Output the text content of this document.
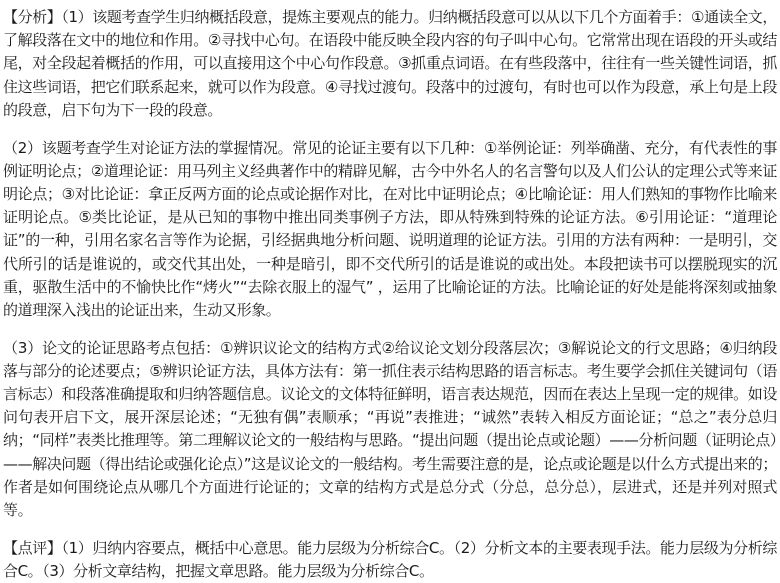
【分析】（1）该题考查学生归纳概括段意，提炼主要观点的能力。归纳概括段意可以从以下几个方面着手：①通读全文，了解段落在文中的地位和作用。②寻找中心句。在语段中能反映全段内容的句子叫中心句。它常常出现在语段的开头或结尾，对全段起着概括的作用，可以直接用这个中心句作段意。③抓重点词语。在有些段落中，往往有一些关键性词语，抓住这些词语，把它们联系起来，就可以作为段意。④寻找过渡句。段落中的过渡句，有时也可以作为段意，承上句是上段的段意，启下句为下一段的段意。

（2）该题考查学生对论证方法的掌握情况。常见的论证主要有以下几种：①举例论证：列举确凿、充分，有代表性的事例证明论点；②道理论证：用马列主义经典著作中的精辟见解，古今中外名人的名言警句以及人们公认的定理公式等来证明论点；③对比论证：拿正反两方面的论点或论据作对比，在对比中证明论点；④比喻论证：用人们熟知的事物作比喻来证明论点。⑤类比论证，是从已知的事物中推出同类事例子方法，即从特殊到特殊的论证方法。⑥引用论证：“道理论证”的一种，引用名家名言等作为论据，引经据典地分析问题、说明道理的论证方法。引用的方法有两种：一是明引，交代所引的话是谁说的，或交代其出处，一种是暗引，即不交代所引的话是谁说的或出处。本段把读书可以摆脱现实的沉重，驱散生活中的不愉快比作“烤火”“去除衣服上的湿气” ，运用了比喻论证的方法。比喻论证的好处是能将深刻或抽象的道理深入浅出的论证出来，生动又形象。

（3）论文的论证思路考点包括：①辨识议论文的结构方式②给议论文划分段落层次；③解说论文的行文思路；④归纳段落与部分的论述要点；⑤辨识论证方法，具体方法有：第一抓住表示结构思路的语言标志。考生要学会抓住关键词句（语言标志）和段落准确提取和归纳答题信息。议论文的文体特征鲜明，语言表达规范，因而在表达上呈现一定的规律。如设问句表开启下文，展开深层论述；“无独有偶”表顺承；“再说”表推进；“诚然”表转入相反方面论证；“总之”表分总归纳；“同样”表类比推理等。第二理解议论文的一般结构与思路。“提出问题（提出论点或论题）——分析问题（证明论点）——解决问题（得出结论或强化论点）”这是议论文的一般结构。考生需要注意的是，论点或论题是以什么方式提出来的；作者是如何围绕论点从哪几个方面进行论证的；文章的结构方式是总分式（分总，总分总），层进式，还是并列对照式等。

【点评】（1）归纳内容要点，概括中心意思。能力层级为分析综合C。（2）分析文本的主要表现手法。能力层级为分析综合C。（3）分析文章结构，把握文章思路。能力层级为分析综合C。
